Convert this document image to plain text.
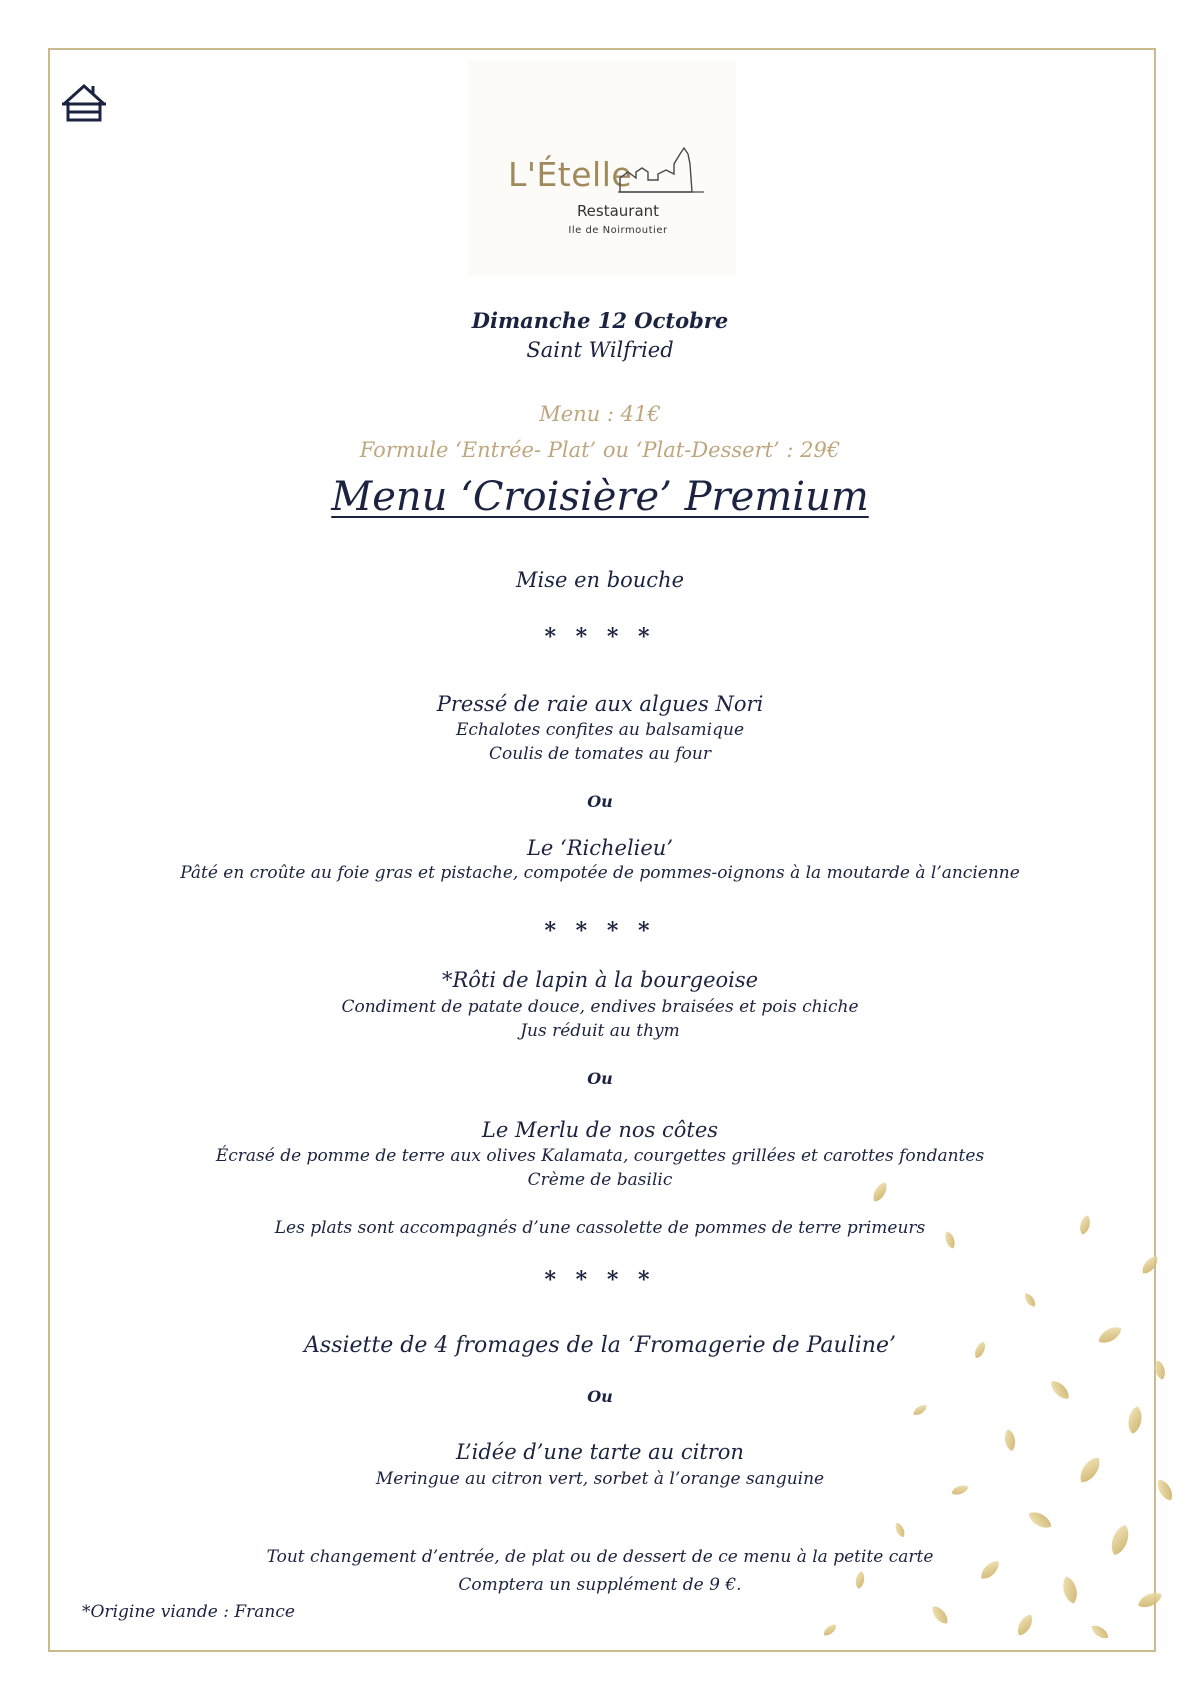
L'Ételle
Restaurant
Ile de Noirmoutier
Dimanche 12 Octobre
Saint Wilfried
Menu : 41€
Formule ‘Entrée- Plat’ ou ‘Plat-Dessert’ : 29€
Menu ‘Croisière’ Premium
Mise en bouche
* * * *
Pressé de raie aux algues Nori
Echalotes confites au balsamique
Coulis de tomates au four
Ou
Le ‘Richelieu’
Pâté en croûte au foie gras et pistache, compotée de pommes-oignons à la moutarde à l’ancienne
* * * *
*Rôti de lapin à la bourgeoise
Condiment de patate douce, endives braisées et pois chiche
Jus réduit au thym
Ou
Le Merlu de nos côtes
Écrasé de pomme de terre aux olives Kalamata, courgettes grillées et carottes fondantes
Crème de basilic
Les plats sont accompagnés d’une cassolette de pommes de terre primeurs
* * * *
Assiette de 4 fromages de la ‘Fromagerie de Pauline’
Ou
L’idée d’une tarte au citron
Meringue au citron vert, sorbet à l’orange sanguine
Tout changement d’entrée, de plat ou de dessert de ce menu à la petite carte
Comptera un supplément de 9 €.
*Origine viande : France
